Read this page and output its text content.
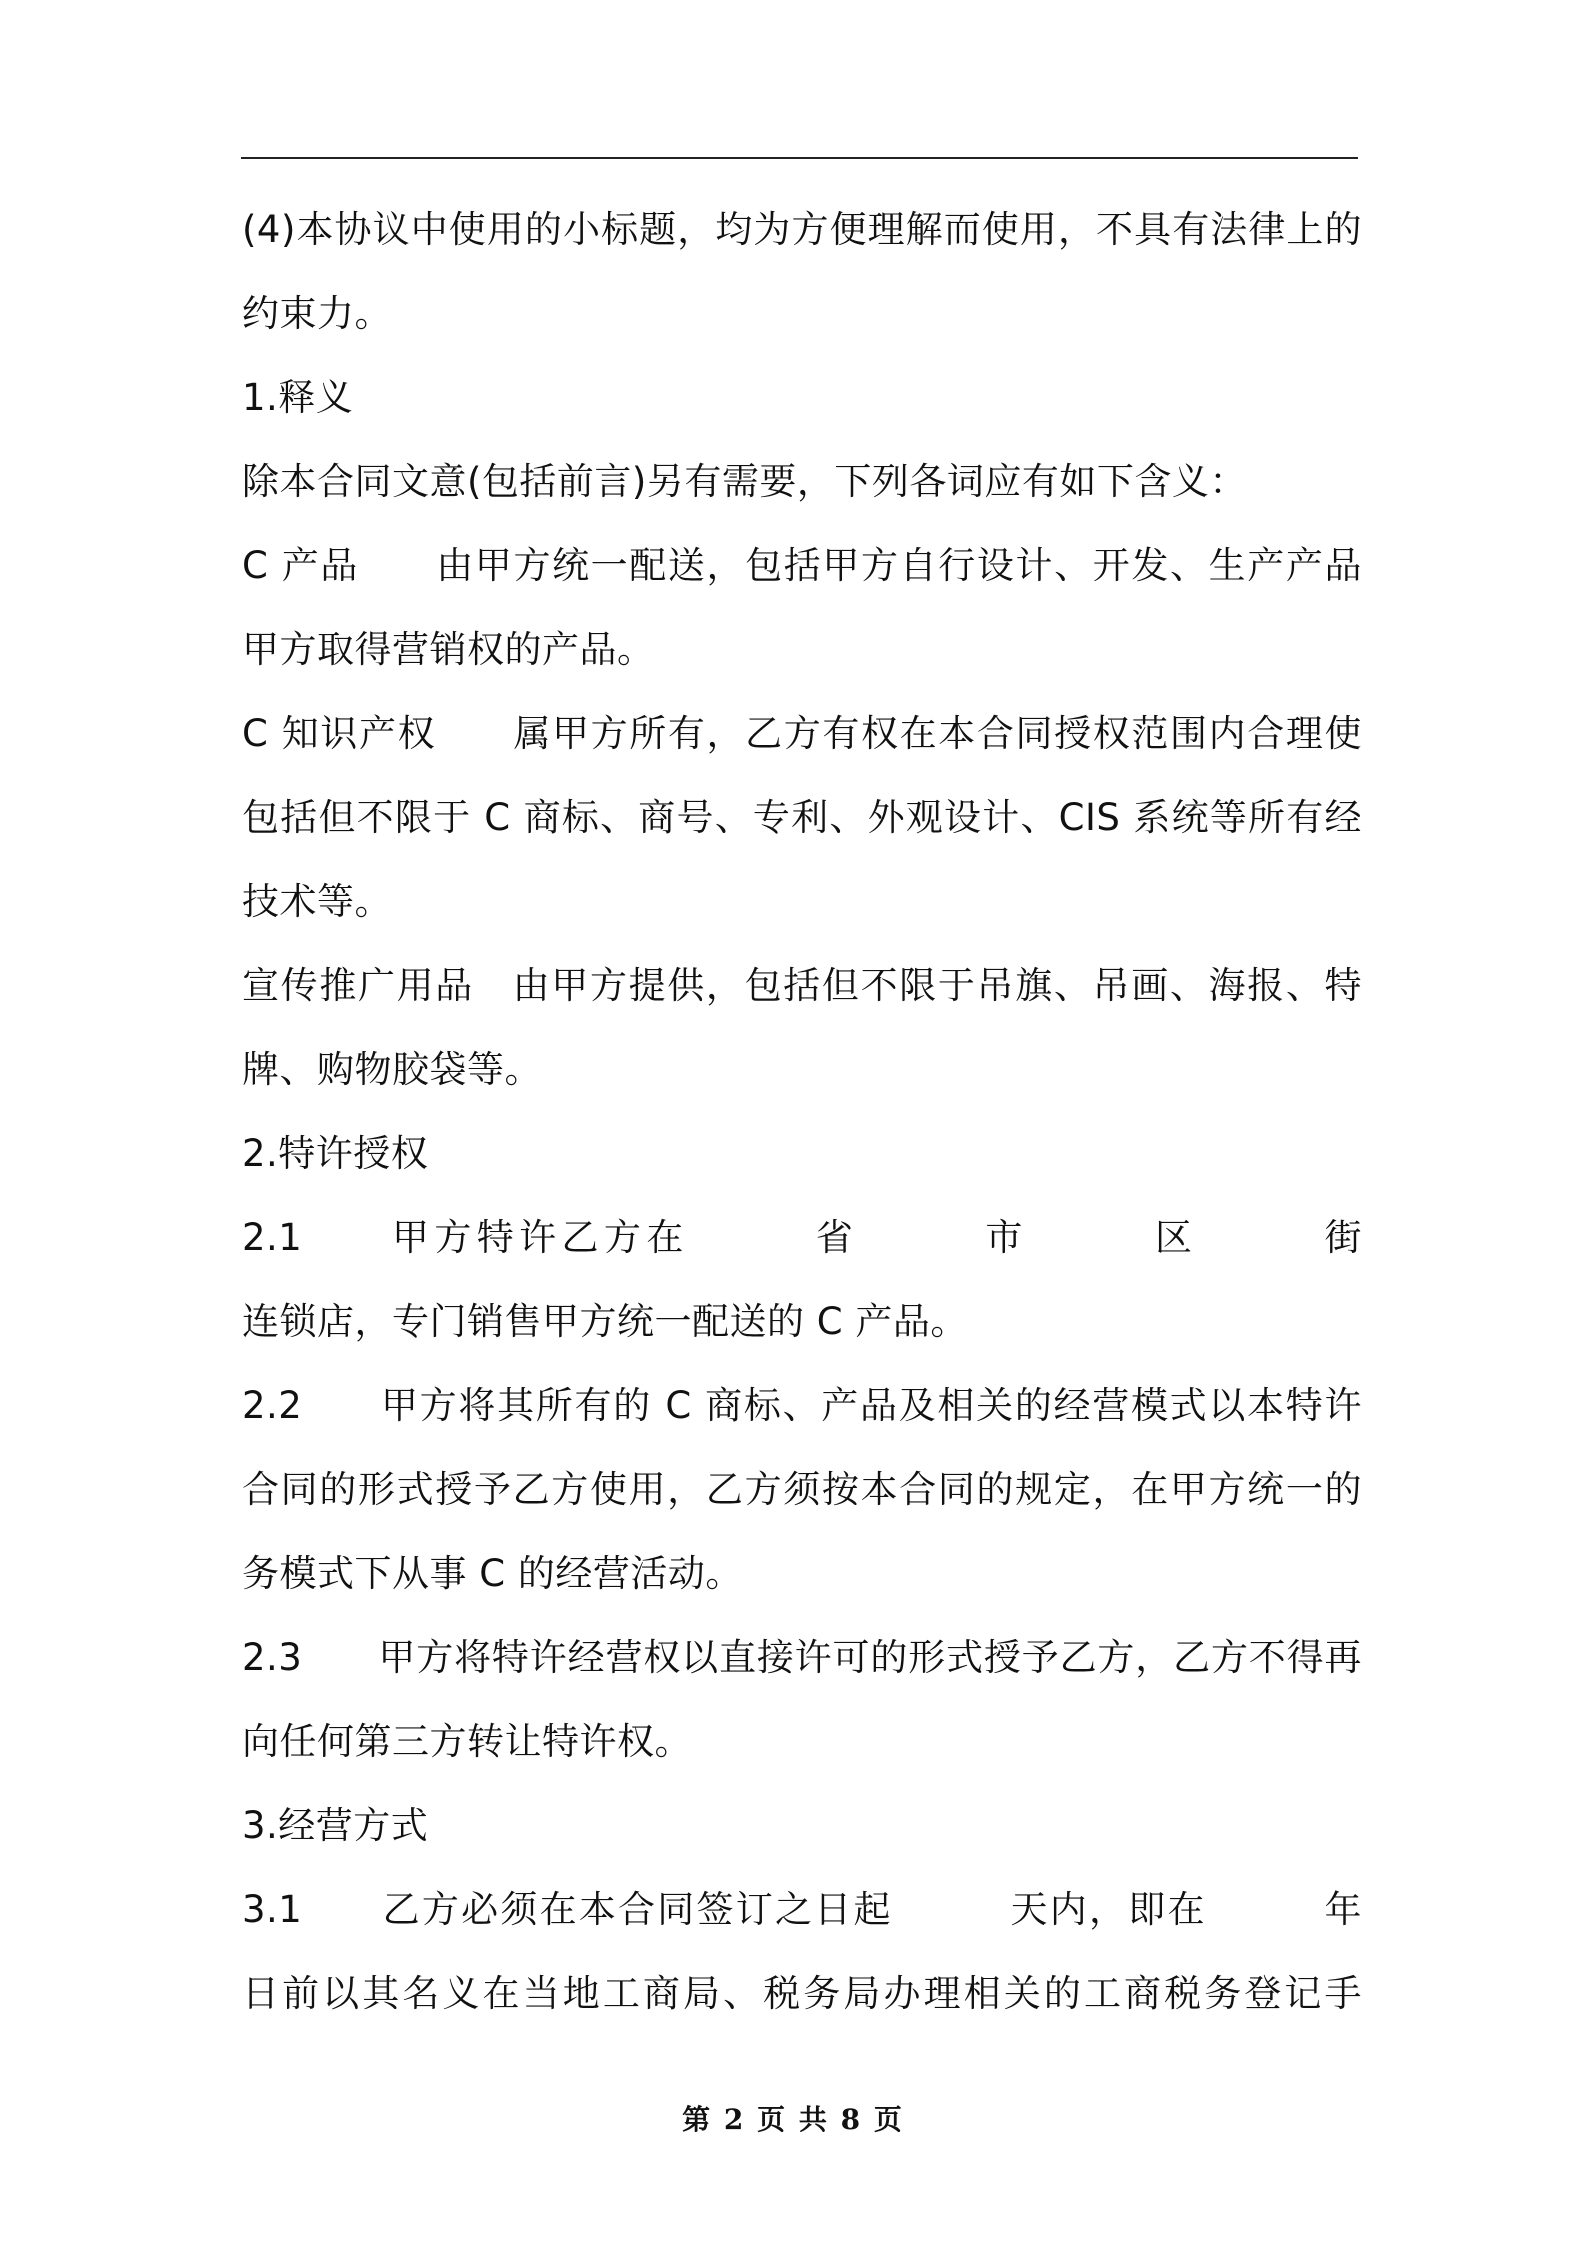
(4)本协议中使用的小标题，均为方便理解而使用，不具有法律上的
约束力。
1.释义
除本合同文意(包括前言)另有需要，下列各词应有如下含义：
C 产品　　由甲方统一配送，包括甲方自行设计、开发、生产产品
甲方取得营销权的产品。
C 知识产权　　属甲方所有，乙方有权在本合同授权范围内合理使
包括但不限于 C 商标、商号、专利、外观设计、CIS 系统等所有经
技术等。
宣传推广用品　由甲方提供，包括但不限于吊旗、吊画、海报、特
牌、购物胶袋等。
2.特许授权
2.1　　甲方特许乙方在　　　省　　　市　　　区　　　街　　　
连锁店，专门销售甲方统一配送的 C 产品。
2.2　　甲方将其所有的 C 商标、产品及相关的经营模式以本特许
合同的形式授予乙方使用，乙方须按本合同的规定，在甲方统一的
务模式下从事 C 的经营活动。
2.3　　甲方将特许经营权以直接许可的形式授予乙方，乙方不得再
向任何第三方转让特许权。
3.经营方式
3.1　　乙方必须在本合同签订之日起　　　天内，即在　　　年　　
日前以其名义在当地工商局、税务局办理相关的工商税务登记手
第 2 页 共 8 页
